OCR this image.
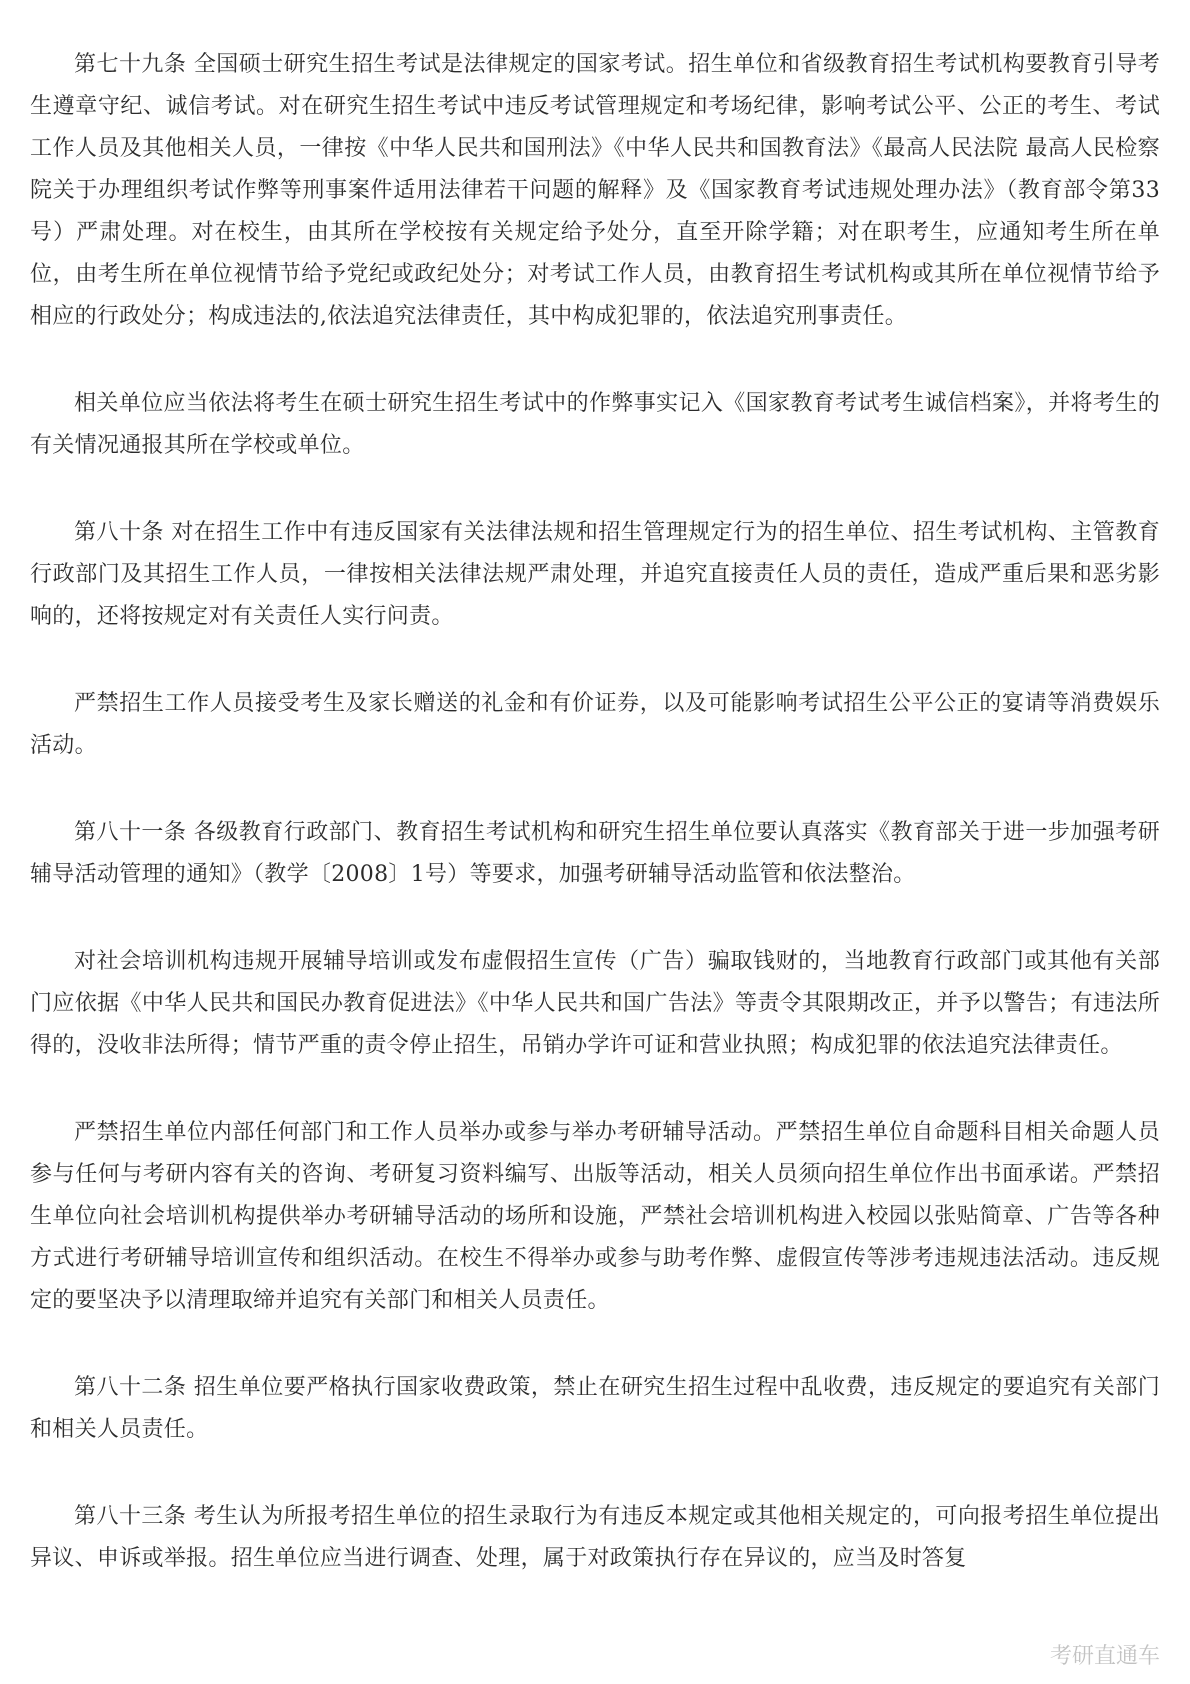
第七十九条 全国硕士研究生招生考试是法律规定的国家考试。招生单位和省级教育招生考试机构要教育引导考生遵章守纪、诚信考试。对在研究生招生考试中违反考试管理规定和考场纪律，影响考试公平、公正的考生、考试工作人员及其他相关人员，一律按《中华人民共和国刑法》《中华人民共和国教育法》《最高人民法院 最高人民检察院关于办理组织考试作弊等刑事案件适用法律若干问题的解释》及《国家教育考试违规处理办法》（教育部令第33号）严肃处理。对在校生，由其所在学校按有关规定给予处分，直至开除学籍；对在职考生，应通知考生所在单位，由考生所在单位视情节给予党纪或政纪处分；对考试工作人员，由教育招生考试机构或其所在单位视情节给予相应的行政处分；构成违法的,依法追究法律责任，其中构成犯罪的，依法追究刑事责任。

相关单位应当依法将考生在硕士研究生招生考试中的作弊事实记入《国家教育考试考生诚信档案》，并将考生的有关情况通报其所在学校或单位。

第八十条 对在招生工作中有违反国家有关法律法规和招生管理规定行为的招生单位、招生考试机构、主管教育行政部门及其招生工作人员，一律按相关法律法规严肃处理，并追究直接责任人员的责任，造成严重后果和恶劣影响的，还将按规定对有关责任人实行问责。

严禁招生工作人员接受考生及家长赠送的礼金和有价证券，以及可能影响考试招生公平公正的宴请等消费娱乐活动。

第八十一条 各级教育行政部门、教育招生考试机构和研究生招生单位要认真落实《教育部关于进一步加强考研辅导活动管理的通知》（教学〔2008〕1号）等要求，加强考研辅导活动监管和依法整治。

对社会培训机构违规开展辅导培训或发布虚假招生宣传（广告）骗取钱财的，当地教育行政部门或其他有关部门应依据《中华人民共和国民办教育促进法》《中华人民共和国广告法》等责令其限期改正，并予以警告；有违法所得的，没收非法所得；情节严重的责令停止招生，吊销办学许可证和营业执照；构成犯罪的依法追究法律责任。

严禁招生单位内部任何部门和工作人员举办或参与举办考研辅导活动。严禁招生单位自命题科目相关命题人员参与任何与考研内容有关的咨询、考研复习资料编写、出版等活动，相关人员须向招生单位作出书面承诺。严禁招生单位向社会培训机构提供举办考研辅导活动的场所和设施，严禁社会培训机构进入校园以张贴简章、广告等各种方式进行考研辅导培训宣传和组织活动。在校生不得举办或参与助考作弊、虚假宣传等涉考违规违法活动。违反规定的要坚决予以清理取缔并追究有关部门和相关人员责任。

第八十二条 招生单位要严格执行国家收费政策，禁止在研究生招生过程中乱收费，违反规定的要追究有关部门和相关人员责任。

第八十三条 考生认为所报考招生单位的招生录取行为有违反本规定或其他相关规定的，可向报考招生单位提出异议、申诉或举报。招生单位应当进行调查、处理，属于对政策执行存在异议的，应当及时答复

考研直通车
